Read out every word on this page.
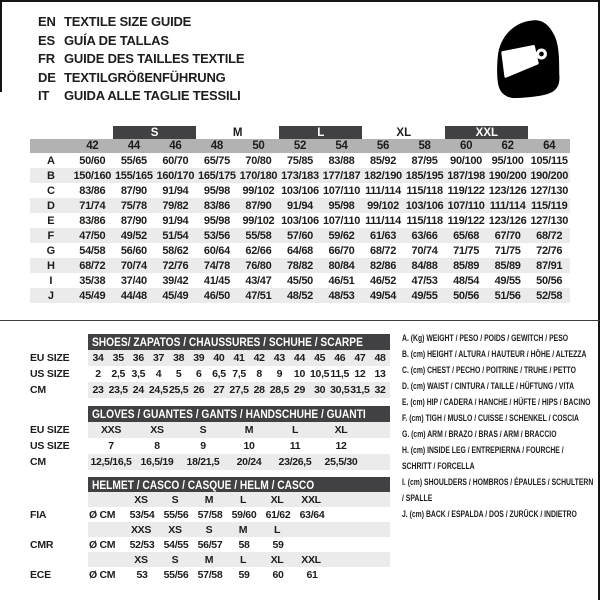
EN TEXTILE SIZE GUIDE
ES GUÍA DE TALLAS
FR GUIDE DES TAILLES TEXTILE
DE TEXTILGRÖßENFÜHRUNG
IT	GUIDA ALLE TAGLIE TESSILI
		S		M		L		XL		XXL		
	42	44	46	48	50	52	54	56	58	60	62	64
A	50/60	55/65	60/70	65/75	70/80	75/85	83/88	85/92	87/95	90/100	95/100	105/115
B	150/160	155/165	160/170	165/175	170/180	173/183	177/187	182/190	185/195	187/198	190/200	190/200
C	83/86	87/90	91/94	95/98	99/102	103/106	107/110	111/114	115/118	119/122	123/126	127/130
D	71/74	75/78	79/82	83/86	87/90	91/94	95/98	99/102	103/106	107/110	111/114	115/119
E	83/86	87/90	91/94	95/98	99/102	103/106	107/110	111/114	115/118	119/122	123/126	127/130
F	47/50	49/52	51/54	53/56	55/58	57/60	59/62	61/63	63/66	65/68	67/70	68/72
G	54/58	56/60	58/62	60/64	62/66	64/68	66/70	68/72	70/74	71/75	71/75	72/76
H	68/72	70/74	72/76	74/78	76/80	78/82	80/84	82/86	84/88	85/89	85/89	87/91
I	35/38	37/40	39/42	41/45	43/47	45/50	46/51	46/52	47/53	48/54	49/55	50/56
J	45/49	44/48	45/49	46/50	47/51	48/52	48/53	49/54	49/55	50/56	51/56	52/58
SHOES/ ZAPATOS / CHAUSSURES / SCHUHE / SCARPE
EU SIZE	34 35 36 37 38 39 40 41 42 43 44 45 46 47 48
US SIZE	2	2,5 3,5	4	5	6	6,5 7,5	8	9	10 10,5 11,5 12 13
CM	23 23,5 24 24,5 25,5 26 27 27,5 28 28,5 29 30 30,5 31,5 32
GLOVES / GUANTES / GANTS / HANDSCHUHE / GUANTI
EU SIZE	XXS	XS	S	M	L	XL
US SIZE	7	8	9	10	11	12
CM	12,5/16,5 16,5/19	18/21,5	20/24	23/26,5	25,5/30
HELMET / CASCO / CASQUE / HELM / CASCO
XS	S	M	L	XL	XXL
FIA	Ø CM	53/54 55/56 57/58 59/60 61/62 63/64
XXS	XS	S	M	L
CMR	Ø CM	52/53 54/55 56/57	58	59
XS	S	M	L	XL	XXL
ECE	Ø CM	53	55/56 57/58	59	60	61
A. (Kg) WEIGHT / PESO / POIDS / GEWITCH / PESO
B. (cm) HEIGHT / ALTURA / HAUTEUR / HÖHE / ALTEZZA
C. (cm) CHEST / PECHO / POITRINE / TRUHE / PETTO
D. (cm) WAIST / CINTURA / TAILLE / HÜFTUNG / VITA
E. (cm) HIP / CADERA / HANCHE / HÜFTE / HIPS / BACINO
F. (cm) TIGH / MUSLO / CUISSE / SCHENKEL / COSCIA
G. (cm) ARM / BRAZO / BRAS / ARM / BRACCIO
H. (cm) INSIDE LEG / ENTREPIERNA / FOURCHE / SCHRITT / FORCELLA
I. (cm) SHOULDERS / HOMBROS / ÉPAULES / SCHULTERN / SPALLE
J. (cm) BACK / ESPALDA / DOS / ZURÜCK / INDIETRO
